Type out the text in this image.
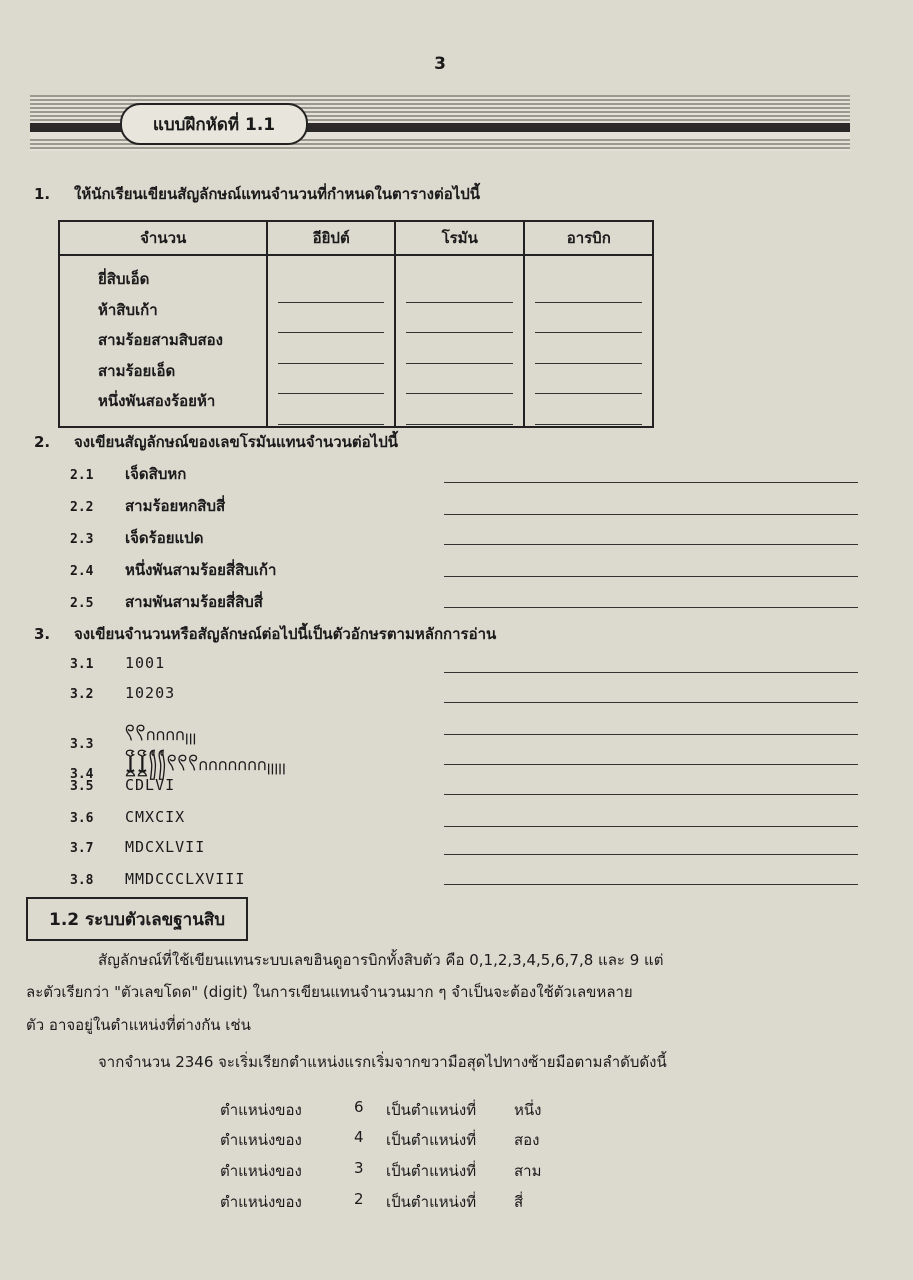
3
แบบฝึกหัดที่ 1.1
1. ให้นักเรียนเขียนสัญลักษณ์แทนจำนวนที่กำหนดในตารางต่อไปนี้
จำนวน	อียิปต์	โรมัน	อารบิก

ยี่สิบเอ็ด
ห้าสิบเก้า
สามร้อยสามสิบสอง
สามร้อยเอ็ด
หนึ่งพันสองร้อยห้า			

2. จงเขียนสัญลักษณ์ของเลขโรมันแทนจำนวนต่อไปนี้
2.1 เจ็ดสิบหก
2.2 สามร้อยหกสิบสี่
2.3 เจ็ดร้อยแปด
2.4 หนึ่งพันสามร้อยสี่สิบเก้า
2.5 สามพันสามร้อยสี่สิบสี่
3. จงเขียนจำนวนหรือสัญลักษณ์ต่อไปนี้เป็นตัวอักษรตามหลักการอ่าน
3.1 1001
3.2 10203
3.3 𓍢𓍢𓎆𓎆𓎆𓎆𓏺𓏺𓏺
3.4 𓆼𓆼𓂭𓂭𓍢𓍢𓍢𓎆𓎆𓎆𓎆𓎆𓎆𓎆𓏺𓏺𓏺𓏺𓏺
3.5 CDLVI
3.6 CMXCIX
3.7 MDCXLVII
3.8 MMDCCCLXVIII
1.2 ระบบตัวเลขฐานสิบ
สัญลักษณ์ที่ใช้เขียนแทนระบบเลขฮินดูอารบิกทั้งสิบตัว คือ 0,1,2,3,4,5,6,7,8 และ 9 แต่
ละตัวเรียกว่า "ตัวเลขโดด" (digit) ในการเขียนแทนจำนวนมาก ๆ จำเป็นจะต้องใช้ตัวเลขหลาย
ตัว อาจอยู่ในตำแหน่งที่ต่างกัน เช่น
จากจำนวน 2346 จะเริ่มเรียกตำแหน่งแรกเริ่มจากขวามือสุดไปทางซ้ายมือตามลำดับดังนี้
ตำแหน่งของ	6 เป็นตำแหน่งที่	หนึ่ง
ตำแหน่งของ	4 เป็นตำแหน่งที่	สอง
ตำแหน่งของ	3 เป็นตำแหน่งที่	สาม
ตำแหน่งของ	2 เป็นตำแหน่งที่	สี่
